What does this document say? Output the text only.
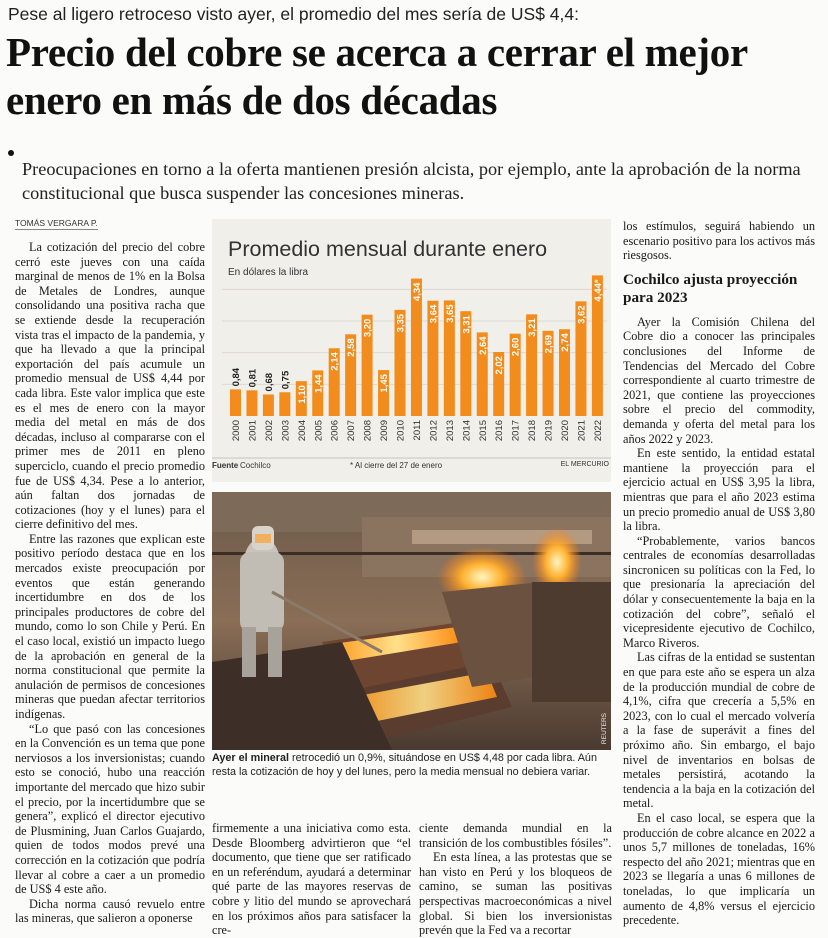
Pese al ligero retroceso visto ayer, el promedio del mes sería de US$ 4,4:
Precio del cobre se acerca a cerrar el mejor enero en más de dos décadas
Preocupaciones en torno a la oferta mantienen presión alcista, por ejemplo, ante la aprobación de la norma constitucional que busca suspender las concesiones mineras.
TOMÁS VERGARA P.

La cotización del precio del cobre cerró este jueves con una caída marginal de menos de 1% en la Bolsa de Metales de Londres, aunque consolidando una positiva racha que se extiende desde la recuperación vista tras el impacto de la pandemia, y que ha llevado a que la principal exportación del país acumule un promedio mensual de US$ 4,44 por cada libra. Este valor implica que este es el mes de enero con la mayor media del metal en más de dos décadas, incluso al compararse con el primer mes de 2011 en pleno superciclo, cuando el precio promedio fue de US$ 4,34. Pese a lo anterior, aún faltan dos jornadas de cotizaciones (hoy y el lunes) para el cierre definitivo del mes.

Entre las razones que explican este positivo período destaca que en los mercados existe preocupación por eventos que están generando incertidumbre en dos de los principales productores de cobre del mundo, como lo son Chile y Perú. En el caso local, existió un impacto luego de la aprobación en general de la norma constitucional que permite la anulación de permisos de concesiones mineras que puedan afectar territorios indígenas.

“Lo que pasó con las concesiones en la Convención es un tema que pone nerviosos a los inversionistas; cuando esto se conoció, hubo una reacción importante del mercado que hizo subir el precio, por la incertidumbre que se genera”, explicó el director ejecutivo de Plusmining, Juan Carlos Guajardo, quien de todos modos prevé una corrección en la cotización que podría llevar al cobre a caer a un promedio de US$ 4 este año.

Dicha norma causó revuelo entre las mineras, que salieron a oponerse

0,84
2000
0,81
2001
0,68
2002
0,75
2003
1,10
2004
1,44
2005
2,14
2006
2,58
2007
3,20
2008
1,45
2009
3,35
2010
4,34
2011
3,64
2012
3,65
2013
3,31
2014
2,64
2015
2,02
2016
2,60
2017
3,21
2018
2,69
2019
2,74
2020
3,62
2021
4,44*
2022
Promedio mensual durante enero
En dólares la libra
Fuente Cochilco	* Al cierre del 27 de enero	EL MERCURIO
REUTERS
Ayer el mineral retrocedió un 0,9%, situándose en US$ 4,48 por cada libra. Aún resta la cotización de hoy y del lunes, pero la media mensual no debiera variar.

firmemente a una iniciativa como esta. Desde Bloomberg advirtieron que “el documento, que tiene que ser ratificado en un referéndum, ayudará a determinar qué parte de las mayores reservas de cobre y litio del mundo se aprovechará en los próximos años para satisfacer la cre-

ciente demanda mundial en la transición de los combustibles fósiles”.

En esta línea, a las protestas que se han visto en Perú y los bloqueos de camino, se suman las positivas perspectivas macroeconómicas a nivel global. Si bien los inversionistas prevén que la Fed va a recortar

los estímulos, seguirá habiendo un escenario positivo para los activos más riesgosos.

Cochilco ajusta proyección para 2023

Ayer la Comisión Chilena del Cobre dio a conocer las principales conclusiones del Informe de Tendencias del Mercado del Cobre correspondiente al cuarto trimestre de 2021, que contiene las proyecciones sobre el precio del commodity, demanda y oferta del metal para los años 2022 y 2023.

En este sentido, la entidad estatal mantiene la proyección para el ejercicio actual en US$ 3,95 la libra, mientras que para el año 2023 estima un precio promedio anual de US$ 3,80 la libra.

“Probablemente, varios bancos centrales de economías desarrolladas sincronicen su políticas con la Fed, lo que presionaría la apreciación del dólar y consecuentemente la baja en la cotización del cobre”, señaló el vicepresidente ejecutivo de Cochilco, Marco Riveros.

Las cifras de la entidad se sustentan en que para este año se espera un alza de la producción mundial de cobre de 4,1%, cifra que crecería a 5,5% en 2023, con lo cual el mercado volvería a la fase de superávit a fines del próximo año. Sin embargo, el bajo nivel de inventarios en bolsas de metales persistirá, acotando la tendencia a la baja en la cotización del metal.

En el caso local, se espera que la producción de cobre alcance en 2022 a unos 5,7 millones de toneladas, 16% respecto del año 2021; mientras que en 2023 se llegaría a unas 6 millones de toneladas, lo que implicaría un aumento de 4,8% versus el ejercicio precedente.
